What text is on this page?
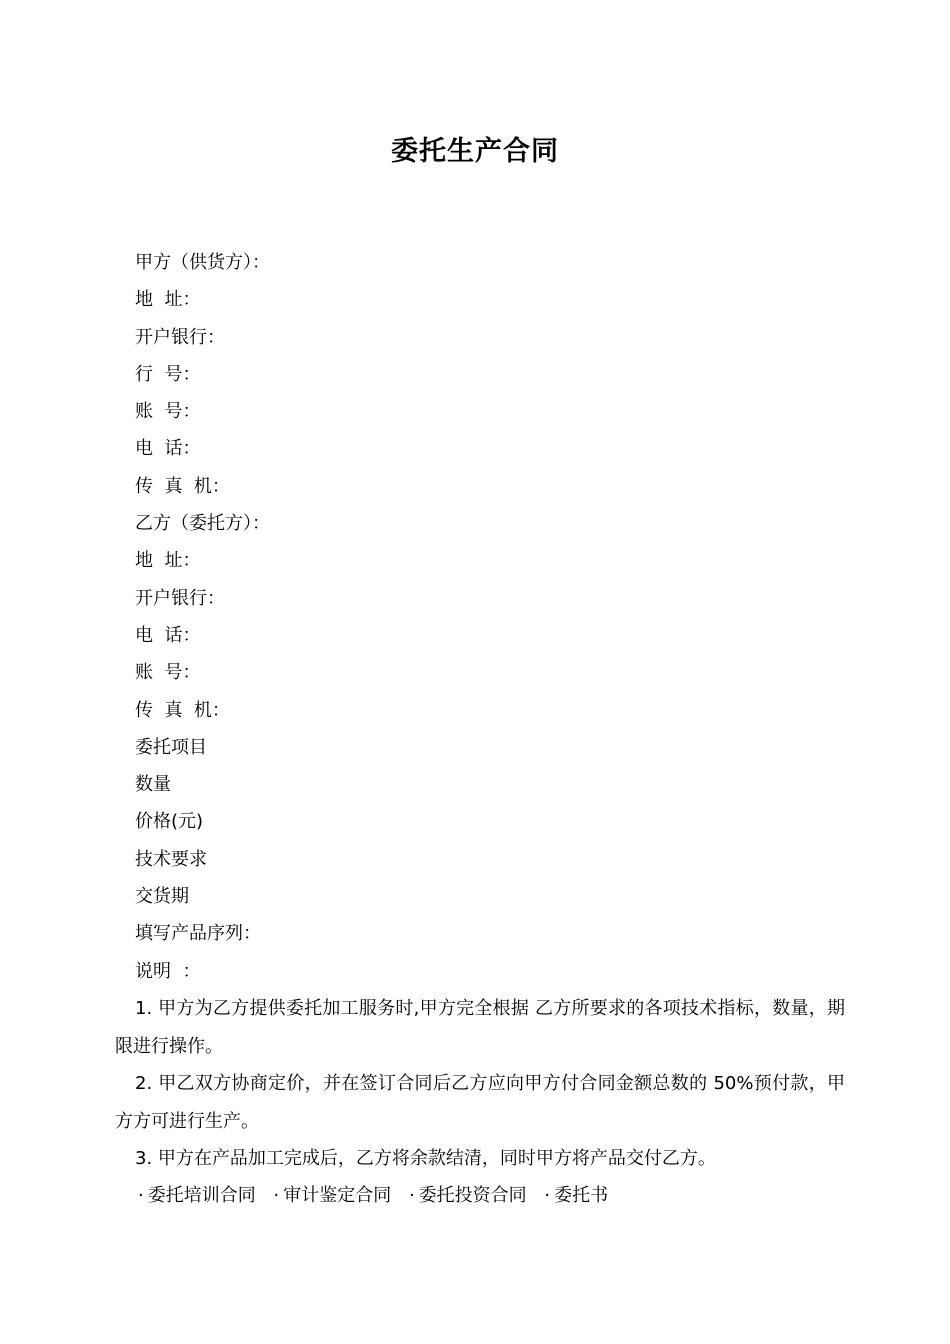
委托生产合同
甲方（供货方）：
地  址：
开户银行：
行  号：
账  号：
电  话：
传  真  机：
乙方（委托方）：
地  址：
开户银行：
电  话：
账  号：
传  真  机：
委托项目
数量
价格(元)
技术要求
交货期
填写产品序列：
说明  ：

1. 甲方为乙方提供委托加工服务时,甲方完全根据 乙方所要求的各项技术指标，数量，期限进行操作。

2. 甲乙双方协商定价，并在签订合同后乙方应向甲方付合同金额总数的 50%预付款，甲方方可进行生产。

3. 甲方在产品加工完成后，乙方将余款结清，同时甲方将产品交付乙方。

· 委托培训合同 · 审计鉴定合同 · 委托投资合同 · 委托书
